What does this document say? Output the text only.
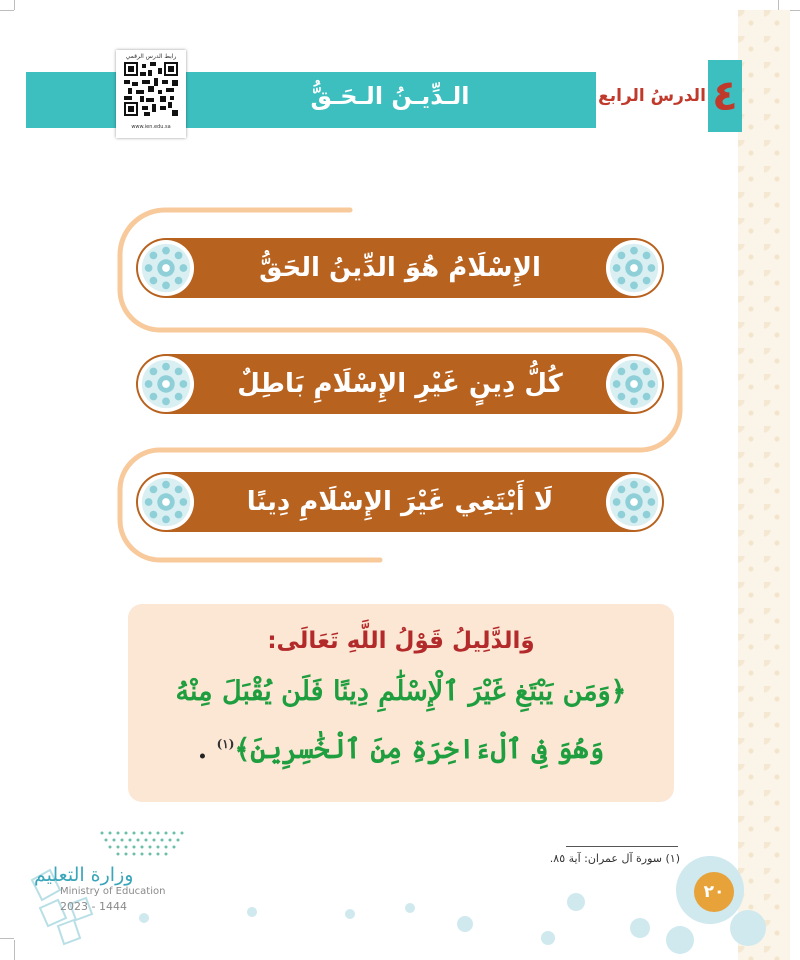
الدرسُ الرابع ٤
الـدِّيـنُ الـحَـقُّ
رابط الدرس الرقمي
www.ien.edu.sa
الإِسْلَامُ هُوَ الدِّينُ الحَقُّ
كُلُّ دِينٍ غَيْرِ الإِسْلَامِ بَاطِلٌ
لَا أَبْتَغِي غَيْرَ الإِسْلَامِ دِينًا
وَالدَّلِيلُ قَوْلُ اللَّهِ تَعَالَى:
﴿وَمَن يَبْتَغِ غَيْرَ ٱلْإِسْلَٰمِ دِينًا فَلَن يُقْبَلَ مِنْهُ
وَهُوَ فِى ٱلْءَاخِرَةِ مِنَ ٱلْخَٰسِرِينَ﴾$^{(١)}$ .
(١) سورة آل عمران: آية ٨٥.
٢٠
وزارة التعليم
Ministry of Education
2023 - 1444
